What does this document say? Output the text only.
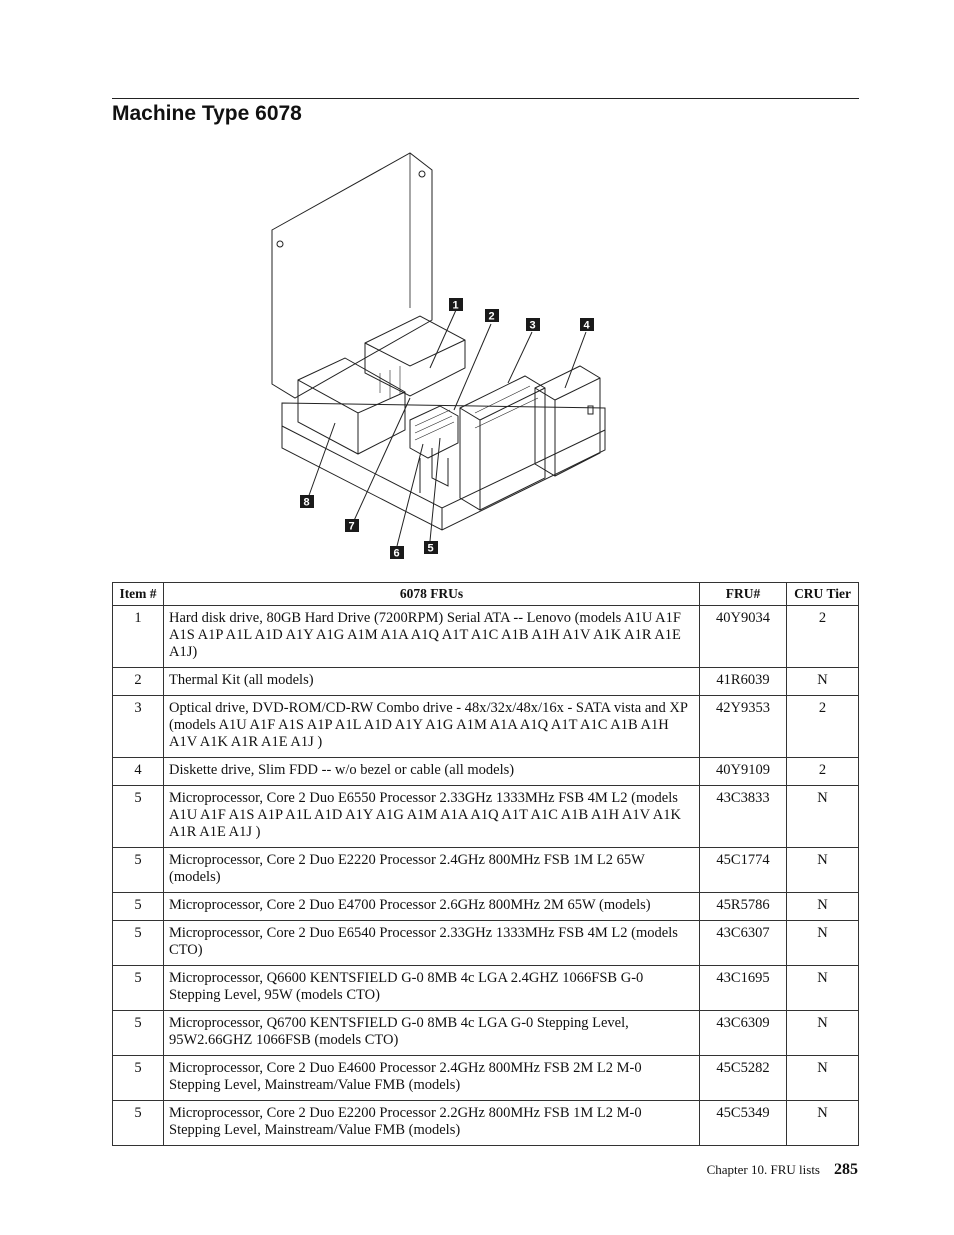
Machine Type 6078
1
2
3	4
5
6
7
8
Item #	6078 FRUs	FRU#	CRU Tier
1	Hard disk drive, 80GB Hard Drive (7200RPM) Serial ATA -- Lenovo (models A1U A1F A1S A1P A1L A1D A1Y A1G A1M A1A A1Q A1T A1C A1B A1H A1V A1K A1R A1E A1J)	40Y9034	2
2	Thermal Kit (all models)	41R6039	N
3	Optical drive, DVD-ROM/CD-RW Combo drive - 48x/32x/48x/16x - SATA vista and XP (models A1U A1F A1S A1P A1L A1D A1Y A1G A1M A1A A1Q A1T A1C A1B A1H A1V A1K A1R A1E A1J )	42Y9353	2
4	Diskette drive, Slim FDD -- w/o bezel or cable (all models)	40Y9109	2
5	Microprocessor, Core 2 Duo E6550 Processor 2.33GHz 1333MHz FSB 4M L2 (models A1U A1F A1S A1P A1L A1D A1Y A1G A1M A1A A1Q A1T A1C A1B A1H A1V A1K A1R A1E A1J )	43C3833	N
5	Microprocessor, Core 2 Duo E2220 Processor 2.4GHz 800MHz FSB 1M L2 65W (models)	45C1774	N
5	Microprocessor, Core 2 Duo E4700 Processor 2.6GHz 800MHz 2M 65W (models)	45R5786	N
5	Microprocessor, Core 2 Duo E6540 Processor 2.33GHz 1333MHz FSB 4M L2 (models CTO)	43C6307	N
5	Microprocessor, Q6600 KENTSFIELD G-0 8MB 4c LGA 2.4GHZ 1066FSB G-0 Stepping Level, 95W (models CTO)	43C1695	N
5	Microprocessor, Q6700 KENTSFIELD G-0 8MB 4c LGA G-0 Stepping Level, 95W2.66GHZ 1066FSB (models CTO)	43C6309	N
5	Microprocessor, Core 2 Duo E4600 Processor 2.4GHz 800MHz FSB 2M L2 M-0 Stepping Level, Mainstream/Value FMB (models)	45C5282	N
5	Microprocessor, Core 2 Duo E2200 Processor 2.2GHz 800MHz FSB 1M L2 M-0 Stepping Level, Mainstream/Value FMB (models)	45C5349	N
Chapter 10. FRU lists 285
